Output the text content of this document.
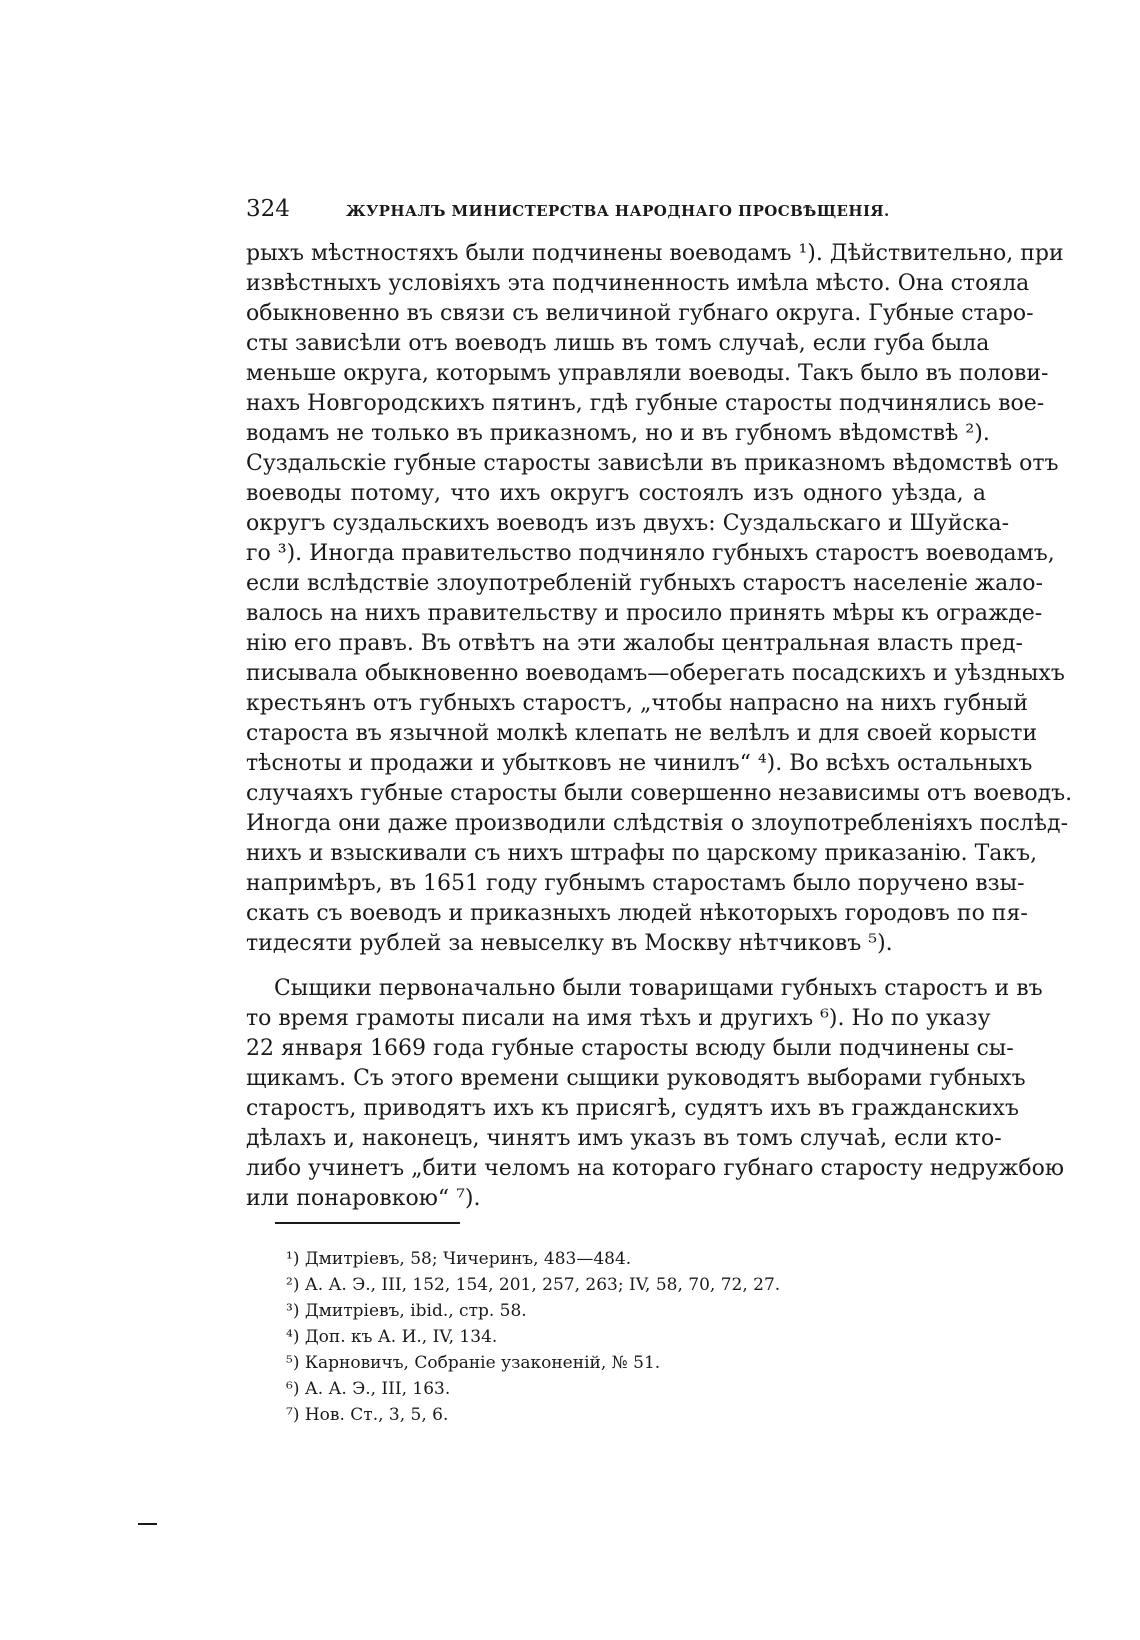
324	ЖУРНАЛЪ МИНИСТЕРСТВА НАРОДНАГО ПРОСВѢЩЕНІЯ.
рыхъ мѣстностяхъ были подчинены воеводамъ ¹). Дѣйствительно, при
извѣстныхъ условіяхъ эта подчиненность имѣла мѣсто. Она стояла
обыкновенно въ связи съ величиной губнаго округа. Губные старо-
сты зависѣли отъ воеводъ лишь въ томъ случаѣ, если губа была
меньше округа, которымъ управляли воеводы. Такъ было въ полови-
нахъ Новгородскихъ пятинъ, гдѣ губные старосты подчинялись вое-
водамъ не только въ приказномъ, но и въ губномъ вѣдомствѣ ²).
Суздальскіе губные старосты зависѣли въ приказномъ вѣдомствѣ отъ
воеводы потому, что ихъ округъ состоялъ изъ одного уѣзда, а
округъ суздальскихъ воеводъ изъ двухъ: Суздальскаго и Шуйска-
го ³). Иногда правительство подчиняло губныхъ старостъ воеводамъ,
если вслѣдствіе злоупотребленій губныхъ старостъ населеніе жало-
валось на нихъ правительству и просило принять мѣры къ огражде-
нію его правъ. Въ отвѣтъ на эти жалобы центральная власть пред-
писывала обыкновенно воеводамъ—оберегать посадскихъ и уѣздныхъ
крестьянъ отъ губныхъ старостъ, „чтобы напрасно на нихъ губный
староста въ язычной молкѣ клепать не велѣлъ и для своей корысти
тѣсноты и продажи и убытковъ не чинилъ“ ⁴). Во всѣхъ остальныхъ
случаяхъ губные старосты были совершенно независимы отъ воеводъ.
Иногда они даже производили слѣдствія о злоупотребленіяхъ послѣд-
нихъ и взыскивали съ нихъ штрафы по царскому приказанію. Такъ,
напримѣръ, въ 1651 году губнымъ старостамъ было поручено взы-
скать съ воеводъ и приказныхъ людей нѣкоторыхъ городовъ по пя-
тидесяти рублей за невыселку въ Москву нѣтчиковъ ⁵).
Сыщики первоначально были товарищами губныхъ старостъ и въ
то время грамоты писали на имя тѣхъ и другихъ ⁶). Но по указу
22 января 1669 года губные старосты всюду были подчинены сы-
щикамъ. Съ этого времени сыщики руководятъ выборами губныхъ
старостъ, приводятъ ихъ къ присягѣ, судятъ ихъ въ гражданскихъ
дѣлахъ и, наконецъ, чинятъ имъ указъ въ томъ случаѣ, если кто-
либо учинетъ „бити челомъ на котораго губнаго старосту недружбою
или понаровкою“ ⁷).
¹) Дмитріевъ, 58; Чичеринъ, 483—484.
²) А. А. Э., III, 152, 154, 201, 257, 263; IV, 58, 70, 72, 27.
³) Дмитріевъ, ibid., стр. 58.
⁴) Доп. къ А. И., IV, 134.
⁵) Карновичъ, Собраніе узаконеній, № 51.
⁶) А. А. Э., III, 163.
⁷) Нов. Ст., 3, 5, 6.
